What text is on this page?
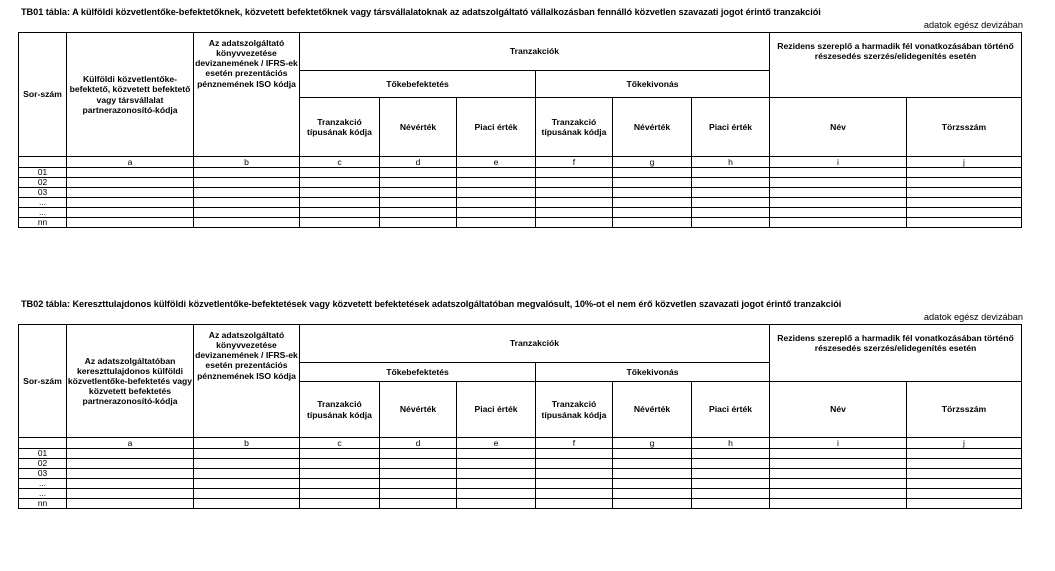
TB01 tábla: A külföldi közvetlentőke-befektetőknek, közvetett befektetőknek vagy társvállalatoknak az adatszolgáltató vállalkozásban fennálló közvetlen szavazati jogot érintő tranzakciói
adatok egész devizában
Sor-szám	Külföldi közvetlentőke-befektető, közvetett befektető vagy társvállalat partnerazonosító-kódja	Az adatszolgáltató könyvvezetése devizanemének / IFRS-ek esetén prezentációs pénznemének ISO kódja	Tranzakciók						Rezidens szereplő a harmadik fél vonatkozásában történő részesedés szerzés/elidegenítés esetén	
			Tőkebefektetés			Tőkekivonás				
			Tranzakció típusának kódja	Névérték	Piaci érték	Tranzakció típusának kódja	Névérték	Piaci érték	Név	Törzsszám
	a	b	c	d	e	f	g	h	i	j
01										
02										
03										
...										
...										
nn										
TB02 tábla: Kereszttulajdonos külföldi közvetlentőke-befektetések vagy közvetett befektetések adatszolgáltatóban megvalósult, 10%-ot el nem érő közvetlen szavazati jogot érintő tranzakciói
adatok egész devizában
Sor-szám	Az adatszolgáltatóban kereszttulajdonos külföldi közvetlentőke-befektetés vagy közvetett befektetés partnerazonosító-kódja	Az adatszolgáltató könyvvezetése devizanemének / IFRS-ek esetén prezentációs pénznemének ISO kódja	Tranzakciók						Rezidens szereplő a harmadik fél vonatkozásában történő részesedés szerzés/elidegenítés esetén	
			Tőkebefektetés			Tőkekivonás				
			Tranzakció típusának kódja	Névérték	Piaci érték	Tranzakció típusának kódja	Névérték	Piaci érték	Név	Törzsszám
	a	b	c	d	e	f	g	h	i	j
01										
02										
03										
...										
...										
nn										
